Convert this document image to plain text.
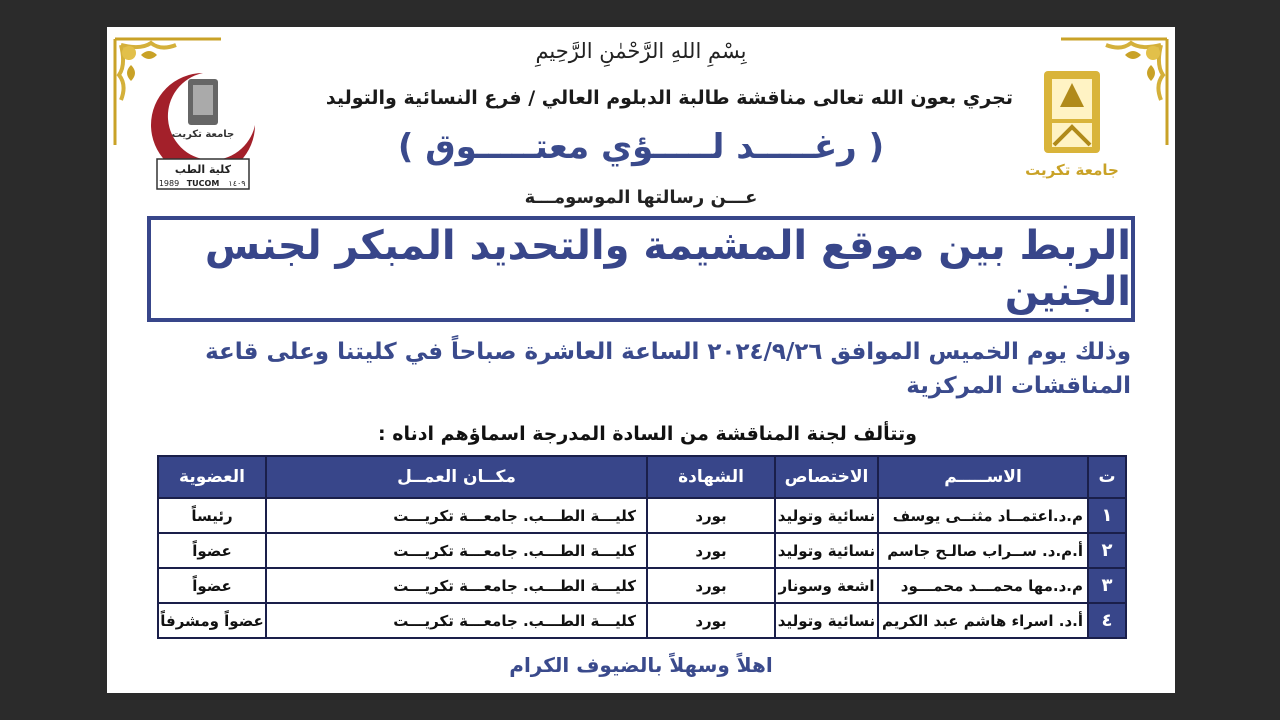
جامعة تكريت
كلية الطب
1989 TUCOM ١٤٠٩
جامعة تكريت
بِسْمِ اللهِ الرَّحْمٰنِ الرَّحِيمِ
تجري بعون الله تعالى مناقشة طالبة الدبلوم العالي / فرع النسائية والتوليد
( رغـــــد لـــــؤي معتـــــوق )
عـــن رسالتها الموسومـــة
الربط بين موقع المشيمة والتحديد المبكر لجنس الجنين
وذلك يوم الخميس الموافق ٢٠٢٤/٩/٢٦ الساعة العاشرة صباحاً في كليتنا وعلى قاعة المناقشات المركزية
وتتألف لجنة المناقشة من السادة المدرجة اسماؤهم ادناه :
ت	الاســـــم	الاختصاص	الشهادة	مكــان العمــل	العضوية
١	م.د.اعتمــاد مثنــى يوسف	نسائية وتوليد	بورد	كليـــة الطـــب. جامعـــة تكريـــت	رئيساً
٢	أ.م.د. ســراب صالـح جاسم	نسائية وتوليد	بورد	كليـــة الطـــب. جامعـــة تكريـــت	عضواً
٣	م.د.مها محمـــد محمـــود	اشعة وسونار	بورد	كليـــة الطـــب. جامعـــة تكريـــت	عضواً
٤	أ.د. اسراء هاشم عبد الكريم	نسائية وتوليد	بورد	كليـــة الطـــب. جامعـــة تكريـــت	عضواً ومشرفاً
اهلاً وسهلاً بالضيوف الكرام
